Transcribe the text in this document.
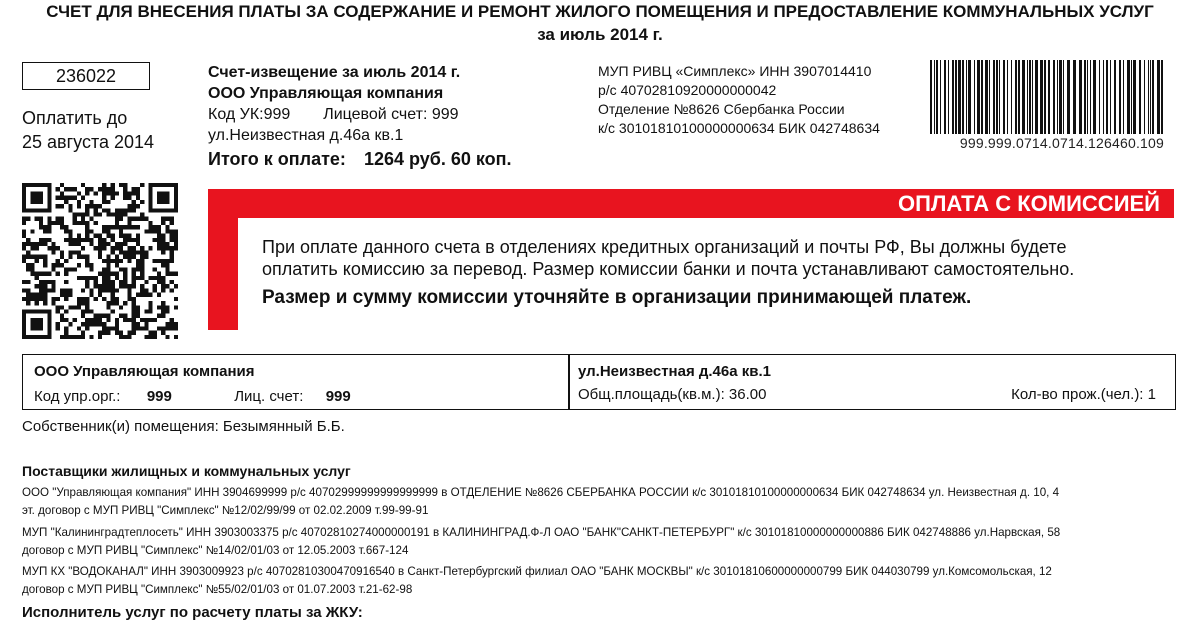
СЧЕТ ДЛЯ ВНЕСЕНИЯ ПЛАТЫ ЗА СОДЕРЖАНИЕ И РЕМОНТ ЖИЛОГО ПОМЕЩЕНИЯ И ПРЕДОСТАВЛЕНИЕ КОММУНАЛЬНЫХ УСЛУГ
за июль 2014 г.
236022
Оплатить до
25 августа 2014
Счет-извещение за июль 2014 г.
ООО Управляющая компания
Код УК:999 Лицевой счет: 999
ул.Неизвестная д.46а кв.1
Итого к оплате: 1264 руб. 60 коп.
МУП РИВЦ «Симплекс» ИНН 3907014410
р/с 40702810920000000042
Отделение №8626 Сбербанка России
к/с 30101810100000000634 БИК 042748634
999.999.0714.0714.126460.109
ОПЛАТА С КОМИССИЕЙ
При оплате данного счета в отделениях кредитных организаций и почты РФ, Вы должны будете
оплатить комиссию за перевод. Размер комиссии банки и почта устанавливают самостоятельно.
Размер и сумму комиссии уточняйте в организации принимающей платеж.
ООО Управляющая компания
Код упр.орг.: 999	Лиц. счет: 999
ул.Неизвестная д.46а кв.1
Общ.площадь(кв.м.): 36.00	Кол-во прож.(чел.): 1
Собственник(и) помещения: Безымянный Б.Б.
Поставщики жилищных и коммунальных услуг
ООО "Управляющая компания" ИНН 3904699999 р/с 40702999999999999999 в ОТДЕЛЕНИЕ №8626 СБЕРБАНКА РОССИИ к/с 30101810100000000634 БИК 042748634 ул. Неизвестная д. 10, 4
эт. договор с МУП РИВЦ "Симплекс" №12/02/99/99 от 02.02.2009 т.99-99-91
МУП "Калининградтеплосеть" ИНН 3903003375 р/с 40702810274000000191 в КАЛИНИНГРАД.Ф-Л ОАО "БАНК"САНКТ-ПЕТЕРБУРГ" к/с 30101810000000000886 БИК 042748886 ул.Нарвская, 58
договор с МУП РИВЦ "Симплекс" №14/02/01/03 от 12.05.2003 т.667-124
МУП КХ "ВОДОКАНАЛ" ИНН 3903009923 р/с 40702810300470916540 в Санкт-Петербургский филиал ОАО "БАНК МОСКВЫ" к/с 30101810600000000799 БИК 044030799 ул.Комсомольская, 12
договор с МУП РИВЦ "Симплекс" №55/02/01/03 от 01.07.2003 т.21-62-98
Исполнитель услуг по расчету платы за ЖКУ:
